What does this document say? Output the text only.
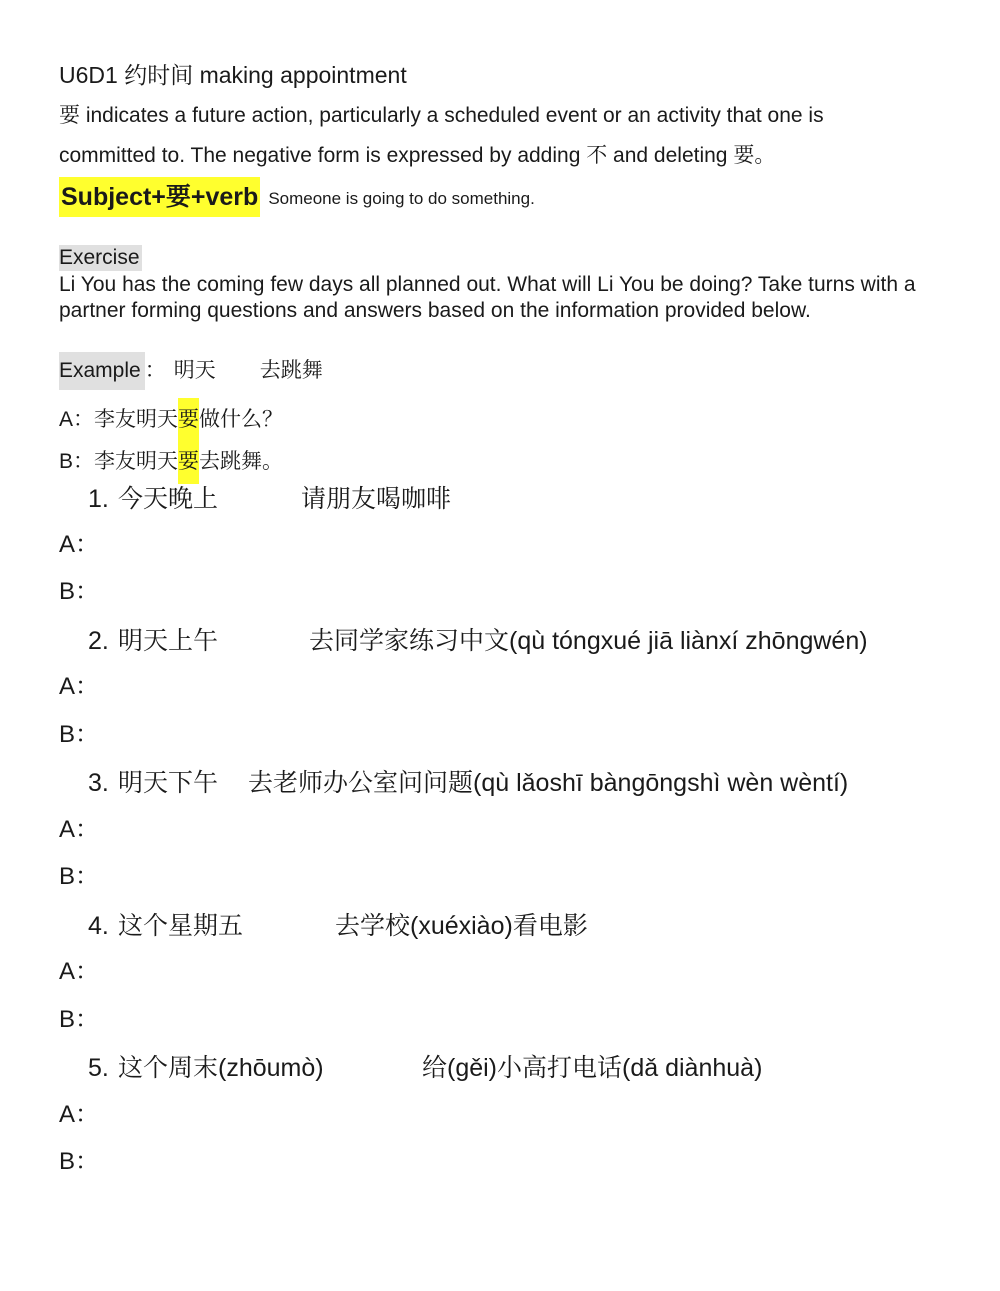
U6D1 约时间 making appointment
要 indicates a future action, particularly a scheduled event or an activity that one is
committed to. The negative form is expressed by adding 不 and deleting 要。
Subject+要+verb Someone is going to do something.
Exercise
Li You has the coming few days all planned out. What will Li You be doing? Take turns with a partner forming questions and answers based on the information provided below.
Example ： 明天 去跳舞
A：李友明天 要 做什么？
B：李友明天 要 去跳舞。
1. 今天晚上	请朋友喝咖啡
A：
B：
2. 明天上午	去同学家练习中文(qù tóngxué jiā liànxí zhōngwén)
A：
B：
3. 明天下午	去老师办公室问问题(qù lǎoshī bàngōngshì wèn wèntí)
A：
B：
4. 这个星期五	去学校(xuéxiào)看电影
A：
B：
5. 这个周末(zhōumò)	给(gěi)小高打电话(dǎ diànhuà)
A：
B：
